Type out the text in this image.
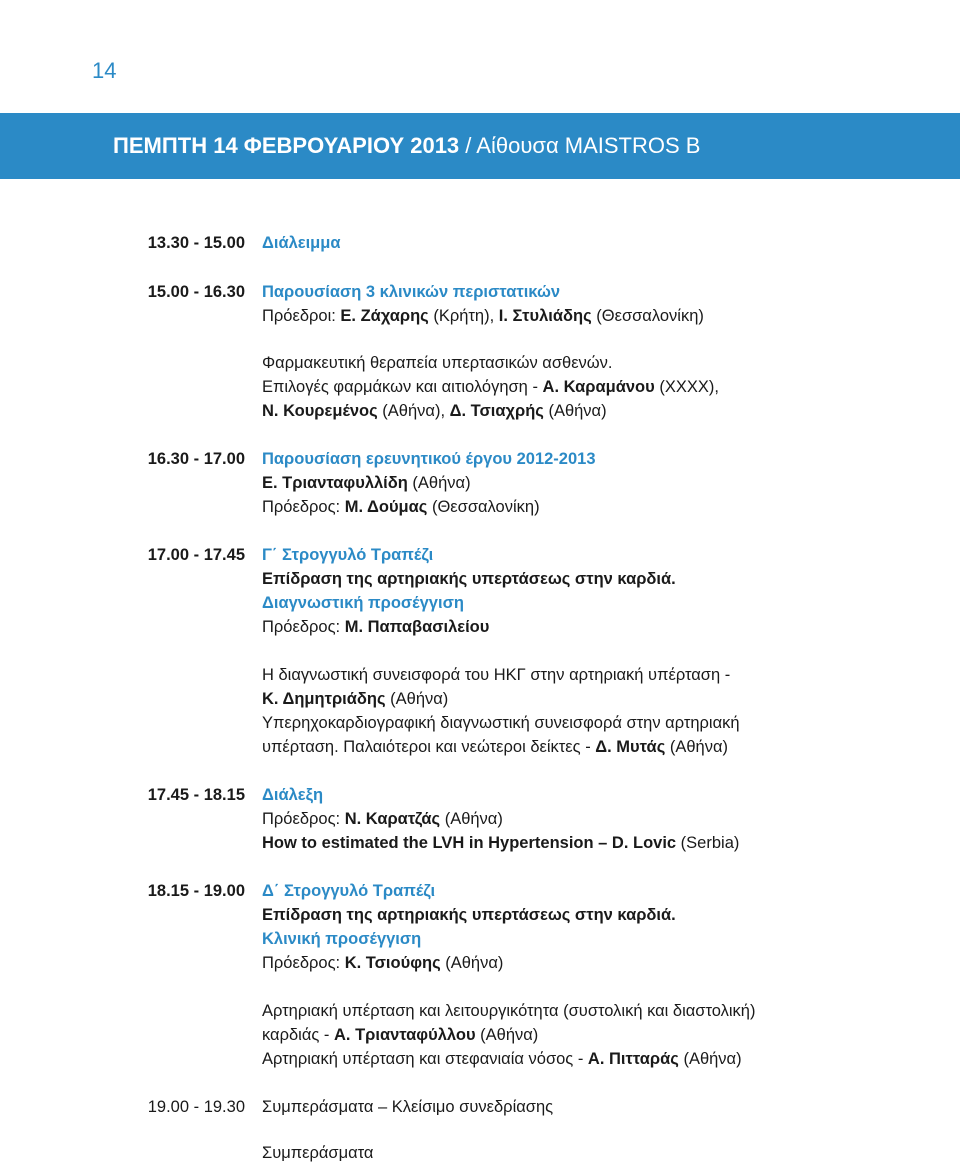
14
ΠΕΜΠΤΗ 14 ΦΕΒΡΟΥΑΡΙΟΥ 2013 / Αίθουσα MAISTROS B
13.30 - 15.00 Διάλειμμα
15.00 - 16.30 Παρουσίαση 3 κλινικών περιστατικών
Πρόεδροι: Ε. Ζάχαρης (Κρήτη), Ι. Στυλιάδης (Θεσσαλονίκη)
Φαρμακευτική θεραπεία υπερτασικών ασθενών.
Επιλογές φαρμάκων και αιτιολόγηση - Α. Καραμάνου (ΧΧΧΧ),
Ν. Κουρεμένος (Αθήνα), Δ. Τσιαχρής (Αθήνα)
16.30 - 17.00 Παρουσίαση ερευνητικού έργου 2012-2013
Ε. Τριανταφυλλίδη (Αθήνα)
Πρόεδρος: Μ. Δούμας (Θεσσαλονίκη)
17.00 - 17.45 Γ΄ Στρογγυλό Τραπέζι
Επίδραση της αρτηριακής υπερτάσεως στην καρδιά.
Διαγνωστική προσέγγιση
Πρόεδρος: Μ. Παπαβασιλείου
Η διαγνωστική συνεισφορά του ΗΚΓ στην αρτηριακή υπέρταση -
Κ. Δημητριάδης (Αθήνα)
Υπερηχοκαρδιογραφική διαγνωστική συνεισφορά στην αρτηριακή
υπέρταση. Παλαιότεροι και νεώτεροι δείκτες - Δ. Μυτάς (Αθήνα)
17.45 - 18.15 Διάλεξη
Πρόεδρος: Ν. Καρατζάς (Αθήνα)
How to estimated the LVH in Hypertension – D. Lovic (Serbia)
18.15 - 19.00 Δ΄ Στρογγυλό Τραπέζι
Επίδραση της αρτηριακής υπερτάσεως στην καρδιά.
Κλινική προσέγγιση
Πρόεδρος: Κ. Τσιούφης (Αθήνα)
Αρτηριακή υπέρταση και λειτουργικότητα (συστολική και διαστολική)
καρδιάς - Α. Τριανταφύλλου (Αθήνα)
Αρτηριακή υπέρταση και στεφανιαία νόσος - Α. Πιτταράς (Αθήνα)
19.00 - 19.30 Συμπεράσματα – Κλείσιμο συνεδρίασης
Συμπεράσματα
